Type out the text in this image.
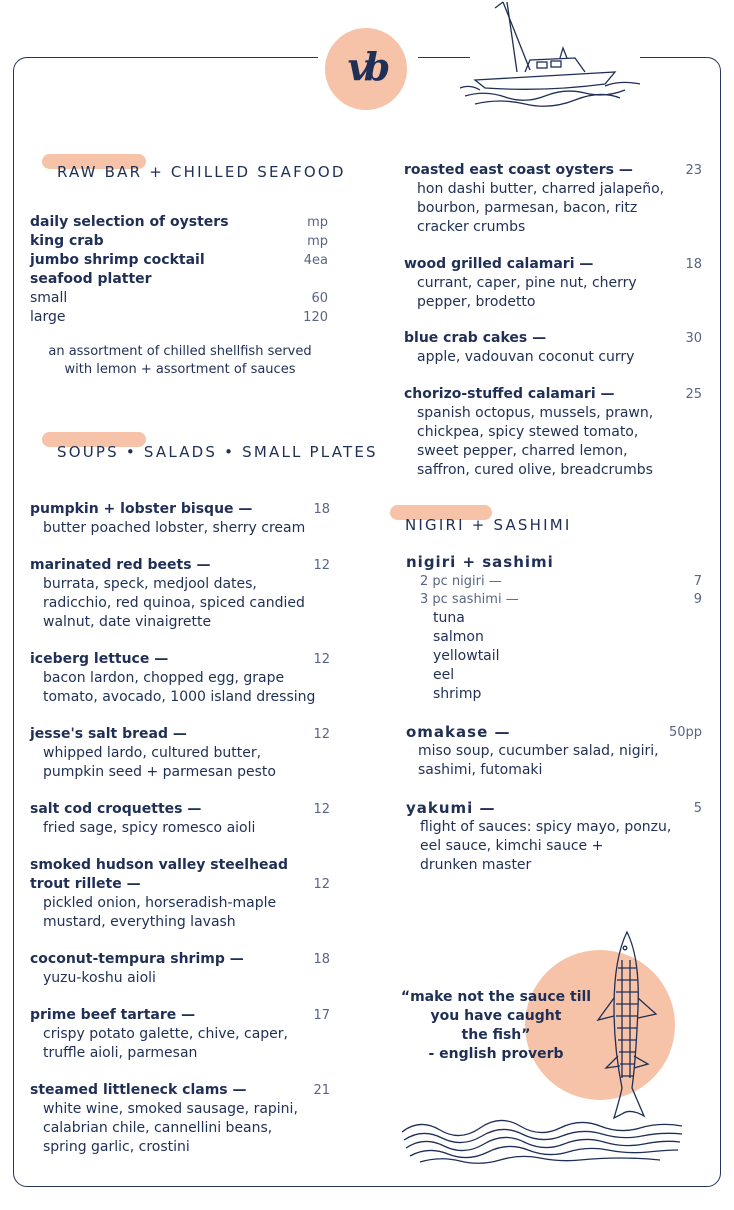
vb
RAW BAR + CHILLED SEAFOOD
daily selection of oysters	mp
king crab	mp
jumbo shrimp cocktail	4ea
seafood platter
small	60
large	120
an assortment of chilled shellfish served
with lemon + assortment of sauces
SOUPS • SALADS • SMALL PLATES
pumpkin + lobster bisque —	18
butter poached lobster, sherry cream
marinated red beets —	12
burrata, speck, medjool dates,
radicchio, red quinoa, spiced candied
walnut, date vinaigrette
iceberg lettuce —	12
bacon lardon, chopped egg, grape
tomato, avocado, 1000 island dressing
jesse's salt bread —	12
whipped lardo, cultured butter,
pumpkin seed + parmesan pesto
salt cod croquettes —	12
fried sage, spicy romesco aioli
smoked hudson valley steelhead
trout rillete —	12
pickled onion, horseradish-maple
mustard, everything lavash
coconut-tempura shrimp —	18
yuzu-koshu aioli
prime beef tartare —	17
crispy potato galette, chive, caper,
truffle aioli, parmesan
steamed littleneck clams —	21
white wine, smoked sausage, rapini,
calabrian chile, cannellini beans,
spring garlic, crostini
roasted east coast oysters —	23
hon dashi butter, charred jalapeño,
bourbon, parmesan, bacon, ritz
cracker crumbs
wood grilled calamari —	18
currant, caper, pine nut, cherry
pepper, brodetto
blue crab cakes —	30
apple, vadouvan coconut curry
chorizo-stuffed calamari —	25
spanish octopus, mussels, prawn,
chickpea, spicy stewed tomato,
sweet pepper, charred lemon,
saffron, cured olive, breadcrumbs
NIGIRI + SASHIMI
nigiri + sashimi
2 pc nigiri —	7
3 pc sashimi —	9
tuna
salmon
yellowtail
eel
shrimp
omakase —	50pp
miso soup, cucumber salad, nigiri,
sashimi, futomaki
yakumi —	5
flight of sauces: spicy mayo, ponzu,
eel sauce, kimchi sauce +
drunken master
“make not the sauce till
you have caught
the fish”
- english proverb
